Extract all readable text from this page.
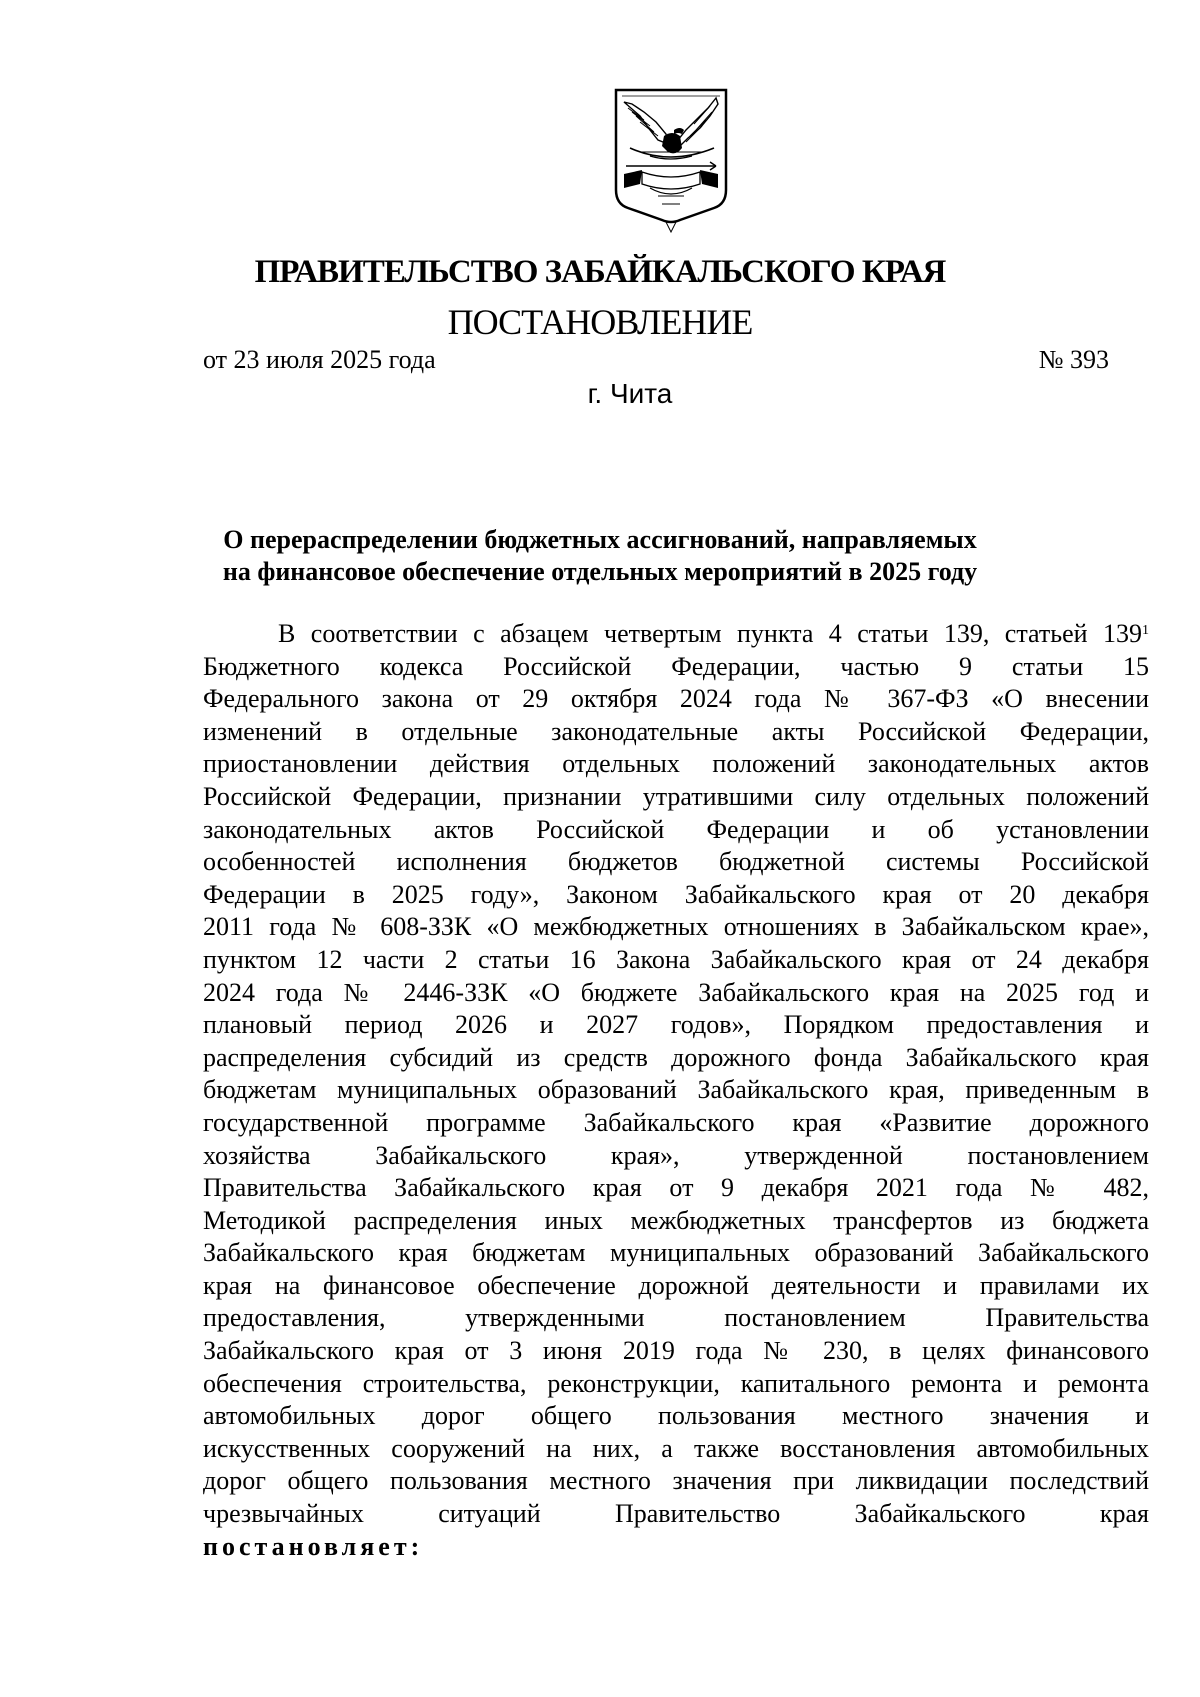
ПРАВИТЕЛЬСТВО ЗАБАЙКАЛЬСКОГО КРАЯ
ПОСТАНОВЛЕНИЕ
от 23 июля 2025 года	№ 393
г. Чита
О перераспределении бюджетных ассигнований, направляемых
на финансовое обеспечение отдельных мероприятий в 2025 году
В соответствии с абзацем четвертым пункта 4 статьи 139, статьей $139^1$
Бюджетного кодекса Российской Федерации, частью 9 статьи 15
Федерального закона от 29 октября 2024 года № 367-ФЗ «О внесении
изменений в отдельные законодательные акты Российской Федерации,
приостановлении действия отдельных положений законодательных актов
Российской Федерации, признании утратившими силу отдельных положений
законодательных актов Российской Федерации и об установлении
особенностей исполнения бюджетов бюджетной системы Российской
Федерации в 2025 году», Законом Забайкальского края от 20 декабря
2011 года № 608-ЗЗК «О межбюджетных отношениях в Забайкальском крае»,
пунктом 12 части 2 статьи 16 Закона Забайкальского края от 24 декабря
2024 года № 2446-ЗЗК «О бюджете Забайкальского края на 2025 год и
плановый период 2026 и 2027 годов», Порядком предоставления и
распределения субсидий из средств дорожного фонда Забайкальского края
бюджетам муниципальных образований Забайкальского края, приведенным в
государственной программе Забайкальского края «Развитие дорожного
хозяйства Забайкальского края», утвержденной постановлением
Правительства Забайкальского края от 9 декабря 2021 года № 482,
Методикой распределения иных межбюджетных трансфертов из бюджета
Забайкальского края бюджетам муниципальных образований Забайкальского
края на финансовое обеспечение дорожной деятельности и правилами их
предоставления, утвержденными постановлением Правительства
Забайкальского края от 3 июня 2019 года № 230, в целях финансового
обеспечения строительства, реконструкции, капитального ремонта и ремонта
автомобильных дорог общего пользования местного значения и
искусственных сооружений на них, а также восстановления автомобильных
дорог общего пользования местного значения при ликвидации последствий
чрезвычайных ситуаций Правительство Забайкальского края
постановляет:
